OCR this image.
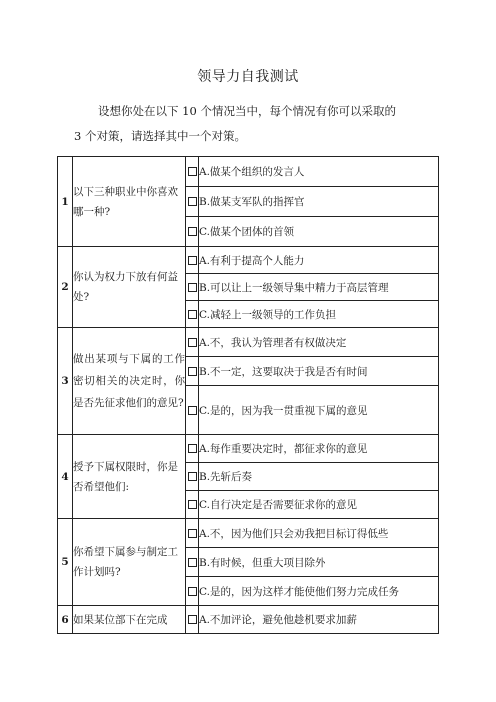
领导力自我测试
设想你处在以下 10 个情况当中，每个情况有你可以采取的
3 个对策，请选择其中一个对策。
1	以下三种职业中你喜欢哪一种?		A.做某个组织的发言人
			B.做某支军队的指挥官
			C.做某个团体的首领
2	你认为权力下放有何益处?		A.有利于提高个人能力
			B.可以让上一级领导集中精力于高层管理
			C.减轻上一级领导的工作负担
3	做出某项与下属的工作密切相关的决定时，你是否先征求他们的意见?		A.不，我认为管理者有权做决定
			B.不一定，这要取决于我是否有时间
			C.是的，因为我一贯重视下属的意见
4	授予下属权限时，你是否希望他们:		A.每作重要决定时，都征求你的意见
			B.先斩后奏
			C.自行决定是否需要征求你的意见
5	你希望下属参与制定工作计划吗?		A.不，因为他们只会劝我把目标订得低些
			B.有时候，但重大项目除外
			C.是的，因为这样才能使他们努力完成任务
6	如果某位部下在完成		A.不加评论，避免他趁机要求加薪
